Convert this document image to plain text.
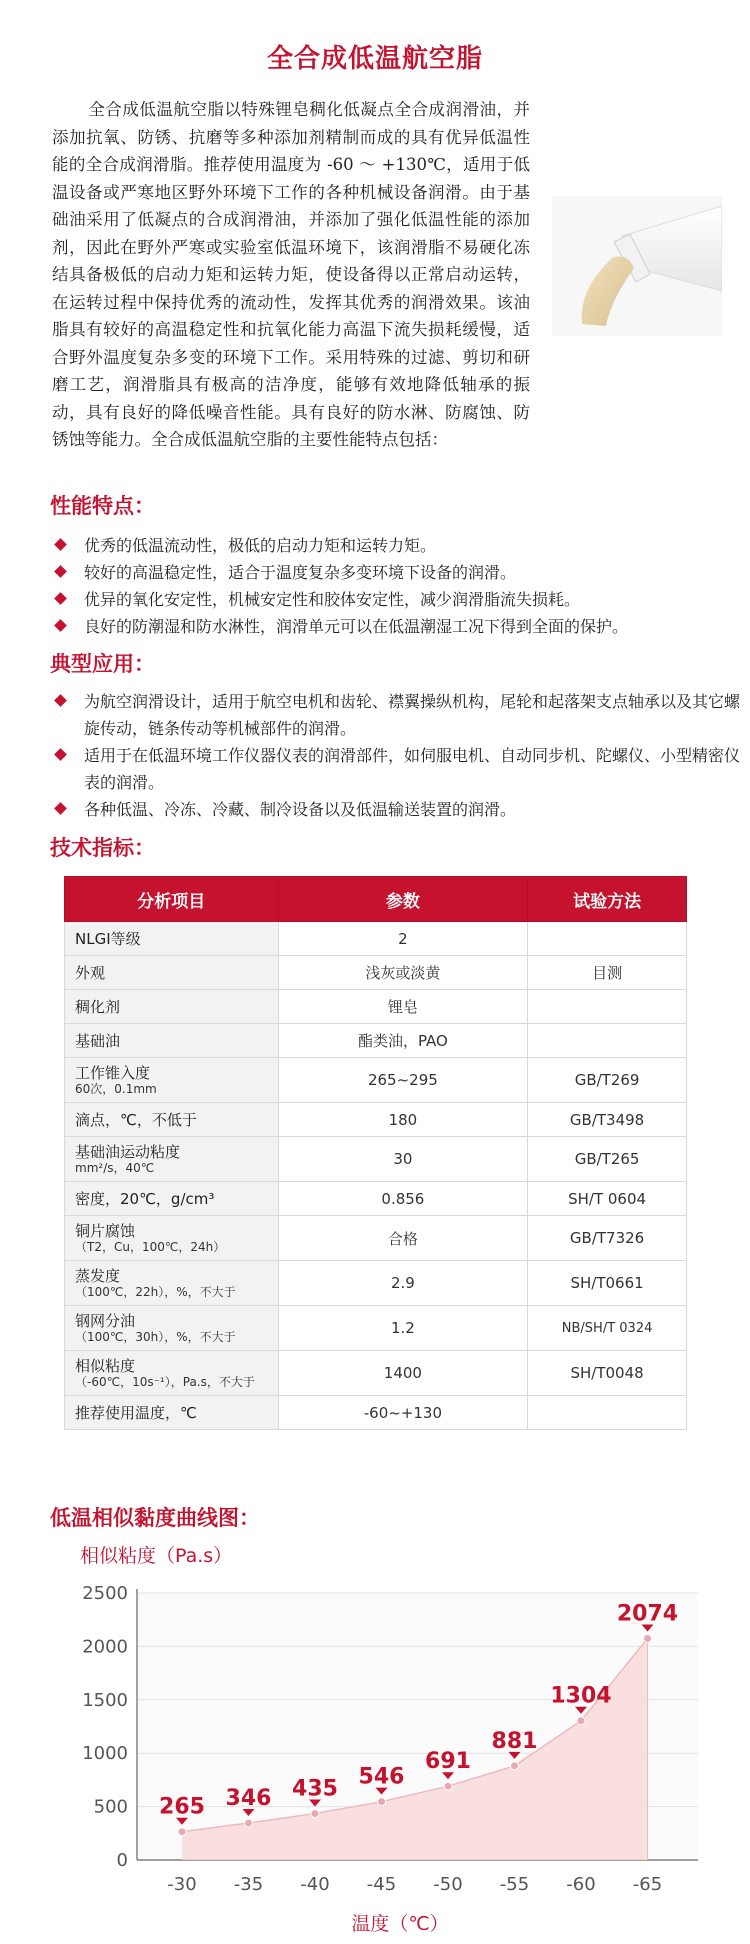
全合成低温航空脂

全合成低温航空脂以特殊锂皂稠化低凝点全合成润滑油，并添加抗氧、防锈、抗磨等多种添加剂精制而成的具有优异低温性能的全合成润滑脂。推荐使用温度为 -60 ～ +130℃，适用于低温设备或严寒地区野外环境下工作的各种机械设备润滑。由于基础油采用了低凝点的合成润滑油，并添加了强化低温性能的添加剂，因此在野外严寒或实验室低温环境下，该润滑脂不易硬化冻结具备极低的启动力矩和运转力矩，使设备得以正常启动运转，在运转过程中保持优秀的流动性，发挥其优秀的润滑效果。该油脂具有较好的高温稳定性和抗氧化能力高温下流失损耗缓慢，适合野外温度复杂多变的环境下工作。采用特殊的过滤、剪切和研磨工艺，润滑脂具有极高的洁净度，能够有效地降低轴承的振动，具有良好的降低噪音性能。具有良好的防水淋、防腐蚀、防锈蚀等能力。全合成低温航空脂的主要性能特点包括：

性能特点：
优秀的低温流动性，极低的启动力矩和运转力矩。
较好的高温稳定性，适合于温度复杂多变环境下设备的润滑。
优异的氧化安定性，机械安定性和胶体安定性，减少润滑脂流失损耗。
良好的防潮湿和防水淋性，润滑单元可以在低温潮湿工况下得到全面的保护。
典型应用：
为航空润滑设计，适用于航空电机和齿轮、襟翼操纵机构，尾轮和起落架支点轴承以及其它螺旋传动，链条传动等机械部件的润滑。
适用于在低温环境工作仪器仪表的润滑部件，如伺服电机、自动同步机、陀螺仪、小型精密仪表的润滑。
各种低温、冷冻、冷藏、制冷设备以及低温输送装置的润滑。
技术指标：
分析项目	参数	试验方法

NLGI等级	2	

外观	浅灰或淡黄	目测

稠化剂	锂皂	

基础油	酯类油，PAO	

工作锥入度
60次，0.1mm	265~295	GB/T269

滴点，℃，不低于	180	GB/T3498

基础油运动粘度
mm²/s，40℃	30	GB/T265

密度，20℃，g/cm³	0.856	SH/T 0604

铜片腐蚀
（T2，Cu，100℃，24h）	合格	GB/T7326

蒸发度
（100℃，22h），%，不大于	2.9	SH/T0661

钢网分油
（100℃，30h），%，不大于	1.2	NB/SH/T 0324

相似粘度
（-60℃，10s⁻¹），Pa.s，不大于	1400	SH/T0048

推荐使用温度，℃	-60~+130	
低温相似黏度曲线图：
0
500
1000
1500
2000
2500
-30 -35 -40 -45 -50 -55 -60 -65
265 346 435 546
691
881
1304
2074
相似粘度（Pa.s）
温度（℃）
